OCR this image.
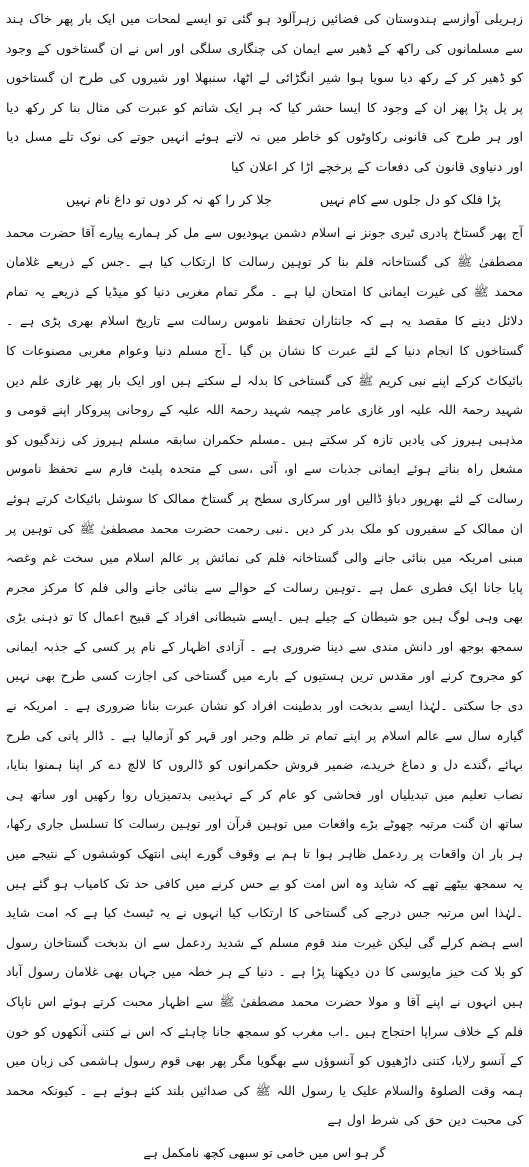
زہریلی آوازسے ہندوستان کی فضائیں زہرآلود ہو گئی تو ایسے لمحات میں ایک بار پھر خاک ہند سے مسلمانوں کی راکھ کے ڈھیر سے ایمان کی چنگاری سلگی اور اس نے ان گستاخوں کے وجود کو ڈھیر کر کے رکھ دیا سویا ہوا شیر انگڑائی لے اٹھا، سنبھلا اور شیروں کی طرح ان گستاخوں پر پل پڑا پھر ان کے وجود کا ایسا حشر کیا کہ ہر ایک شاتم کو عبرت کی مثال بنا کر رکھ دیا اور ہر طرح کی قانونی رکاوٹوں کو خاطر میں نہ لاتے ہوئے انہیں جوتے کی نوک تلے مسل دیا اور دنیاوی قانون کی دفعات کے پرخچے اڑا کر اعلان کیا

پڑا فلک کو دل جلوں سے کام نہیں
جلا کر را کھ نہ کر دوں تو داغ نام نہیں

آج پھر گستاخ پادری ٹیری جونز نے اسلام دشمن یہودیوں سے مل کر ہمارے پیارے آقا حضرت محمد مصطفیٰ ﷺ کی گستاخانہ فلم بنا کر توہین رسالت کا ارتکاب کیا ہے ۔جس کے ذریعے غلامان محمد ﷺ کی غیرت ایمانی کا امتحان لیا ہے ۔ مگر تمام مغربی دنیا کو میڈیا کے ذریعے یہ تمام دلائل دینے کا مقصد یہ ہے کہ جانثاران تحفظ ناموس رسالت سے تاریخ اسلام بھری پڑی ہے ۔گستاخوں کا انجام دنیا کے لئے عبرت کا نشان بن گیا ۔آج مسلم دنیا وعوام مغربی مصنوعات کا بائیکاٹ کرکے اپنے نبی کریم ﷺ کی گستاخی کا بدلہ لے سکتے ہیں اور ایک بار پھر غازی علم دین شہید رحمۃ اللہ علیہ اور غازی عامر چیمہ شہید رحمۃ اللہ علیہ کے روحانی پیروکار اپنے قومی و مذہبی ہیروز کی یادیں تازہ کر سکتے ہیں ۔مسلم حکمران سابقہ مسلم ہیروز کی زندگیوں کو مشعل راہ بناتے ہوئے ایمانی جذبات سے او، آئی ،سی کے متحدہ پلیٹ فارم سے تحفظ ناموس رسالت کے لئے بھرپور دباؤ ڈالیں اور سرکاری سطح پر گستاخ ممالک کا سوشل بائیکاٹ کرتے ہوئے ان ممالک کے سفیروں کو ملک بدر کر دیں ۔نبی رحمت حضرت محمد مصطفیٰ ﷺ کی توہین پر مبنی امریکہ میں بنائی جانے والی گستاخانہ فلم کی نمائش پر عالم اسلام میں سخت غم وغصہ پایا جانا ایک فطری عمل ہے ۔توہین رسالت کے حوالے سے بنائی جانے والی فلم کا مرکز مجرم بھی وہی لوگ ہیں جو شیطان کے چیلے ہیں ۔ایسے شیطانی افراد کے قبیح اعمال کا تو ذہنی بڑی سمجھ بوجھ اور دانش مندی سے دینا ضروری ہے ۔ آزادی اظہار کے نام پر کسی کے جذبہ ایمانی کو مجروح کرنے اور مقدس ترین ہستیوں کے بارے میں گستاخی کی اجازت کسی طرح بھی نہیں دی جا سکتی ۔لہٰذا ایسے بدبخت اور بدطینت افراد کو نشان عبرت بنانا ضروری ہے ۔ امریکہ نے گیارہ سال سے عالم اسلام پر اپنے تمام تر ظلم وجبر اور قہر کو آزمالیا ہے ۔ ڈالر پانی کی طرح بہائے ،گندے دل و دماغ خریدے، ضمیر فروش حکمرانوں کو ڈالروں کا لالچ دے کر اپنا ہمنوا بنایا، نصاب تعلیم میں تبدیلیاں اور فحاشی کو عام کر کے تہذیبی بدتمیزیاں روا رکھیں اور ساتھ ہی ساتھ ان گنت مرتبہ چھوٹے بڑے واقعات میں توہین قرآن اور توہین رسالت کا تسلسل جاری رکھا، ہر بار ان واقعات پر ردعمل ظاہر ہوا تا ہم بے وقوف گورے اپنی انتھک کوششوں کے نتیجے میں یہ سمجھ بیٹھے تھے کہ شاید وہ اس امت کو بے حس کرنے میں کافی حد تک کامیاب ہو گئے ہیں ۔لہٰذا اس مرتبہ جس درجے کی گستاخی کا ارتکاب کیا انہوں نے یہ ٹیسٹ کیا ہے کہ امت شاید اسے ہضم کرلے گی لیکن غیرت مند قوم مسلم کے شدید ردعمل سے ان بدبخت گستاخان رسول کو بلا کت خیز مایوسی کا دن دیکھنا پڑا ہے ۔ دنیا کے ہر خطہ میں جہاں بھی غلامان رسول آباد ہیں انہوں نے اپنے آقا و مولا حضرت محمد مصطفیٰ ﷺ سے اظہار محبت کرتے ہوئے اس ناپاک فلم کے خلاف سراپا احتجاج ہیں ۔اب مغرب کو سمجھ جانا چاہئے کہ اس نے کتنی آنکھوں کو خون کے آنسو رلایا، کتنی داڑھیوں کو آنسوؤں سے بھگویا مگر پھر بھی قوم رسول ہاشمی کی زبان میں ہمہ وقت الصلوۃ والسلام علیک یا رسول اللہ ﷺ کی صدائیں بلند کئے ہوئے ہے ۔ کیونکہ محمد کی محبت دین حق کی شرط اول ہے

گر ہو اس میں خامی تو سبھی کچھ نامکمل ہے
